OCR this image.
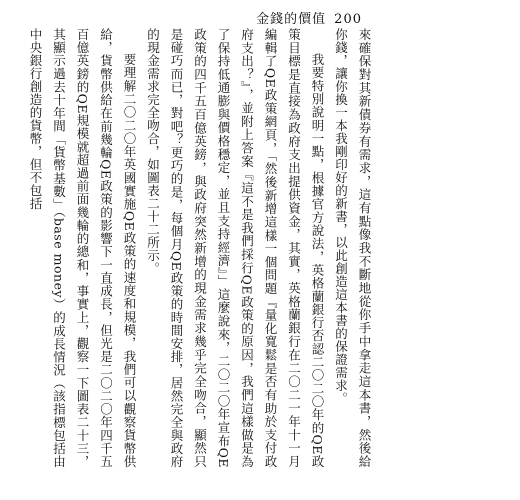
金錢的價值 200

來確保對其新債券有需求，這有點像我不斷地從你手中拿走這本書，然後給你錢，讓你換一本我剛印好的新書，以此創造這本書的保證需求。

我要特別說明一點，根據官方說法，英格蘭銀行否認二〇二〇年的QE政策目標是直接為政府支出提供資金，其實，英格蘭銀行在二〇二一年十一月編輯了QE政策網頁，「然後新增這樣一個問題『量化寬鬆是否有助於支付政府支出？』，並附上答案『這不是我們採行QE政策的原因，我們這樣做是為了保持低通膨與價格穩定，並且支持經濟』」這麼說來，二〇二〇年宣布QE政策的四千五百億英鎊，與政府突然新增的現金需求幾乎完全吻合，顯然只是碰巧而已，對吧？更巧的是，每個月QE政策的時間安排，居然完全與政府的現金需求完全吻合，如圖表二十二所示。

要理解二〇二〇年英國實施QE政策的速度和規模，我們可以觀察貨幣供給，貨幣供給在前幾輪QE政策的影響下一直成長，但光是二〇二〇年四千五百億英鎊的QE規模就超過前面幾輪的總和，事實上，觀察一下圖表二十三，其顯示過去十年間「貨幣基數」（base money）的成長情況（該指標包括由中央銀行創造的貨幣，但不包括
